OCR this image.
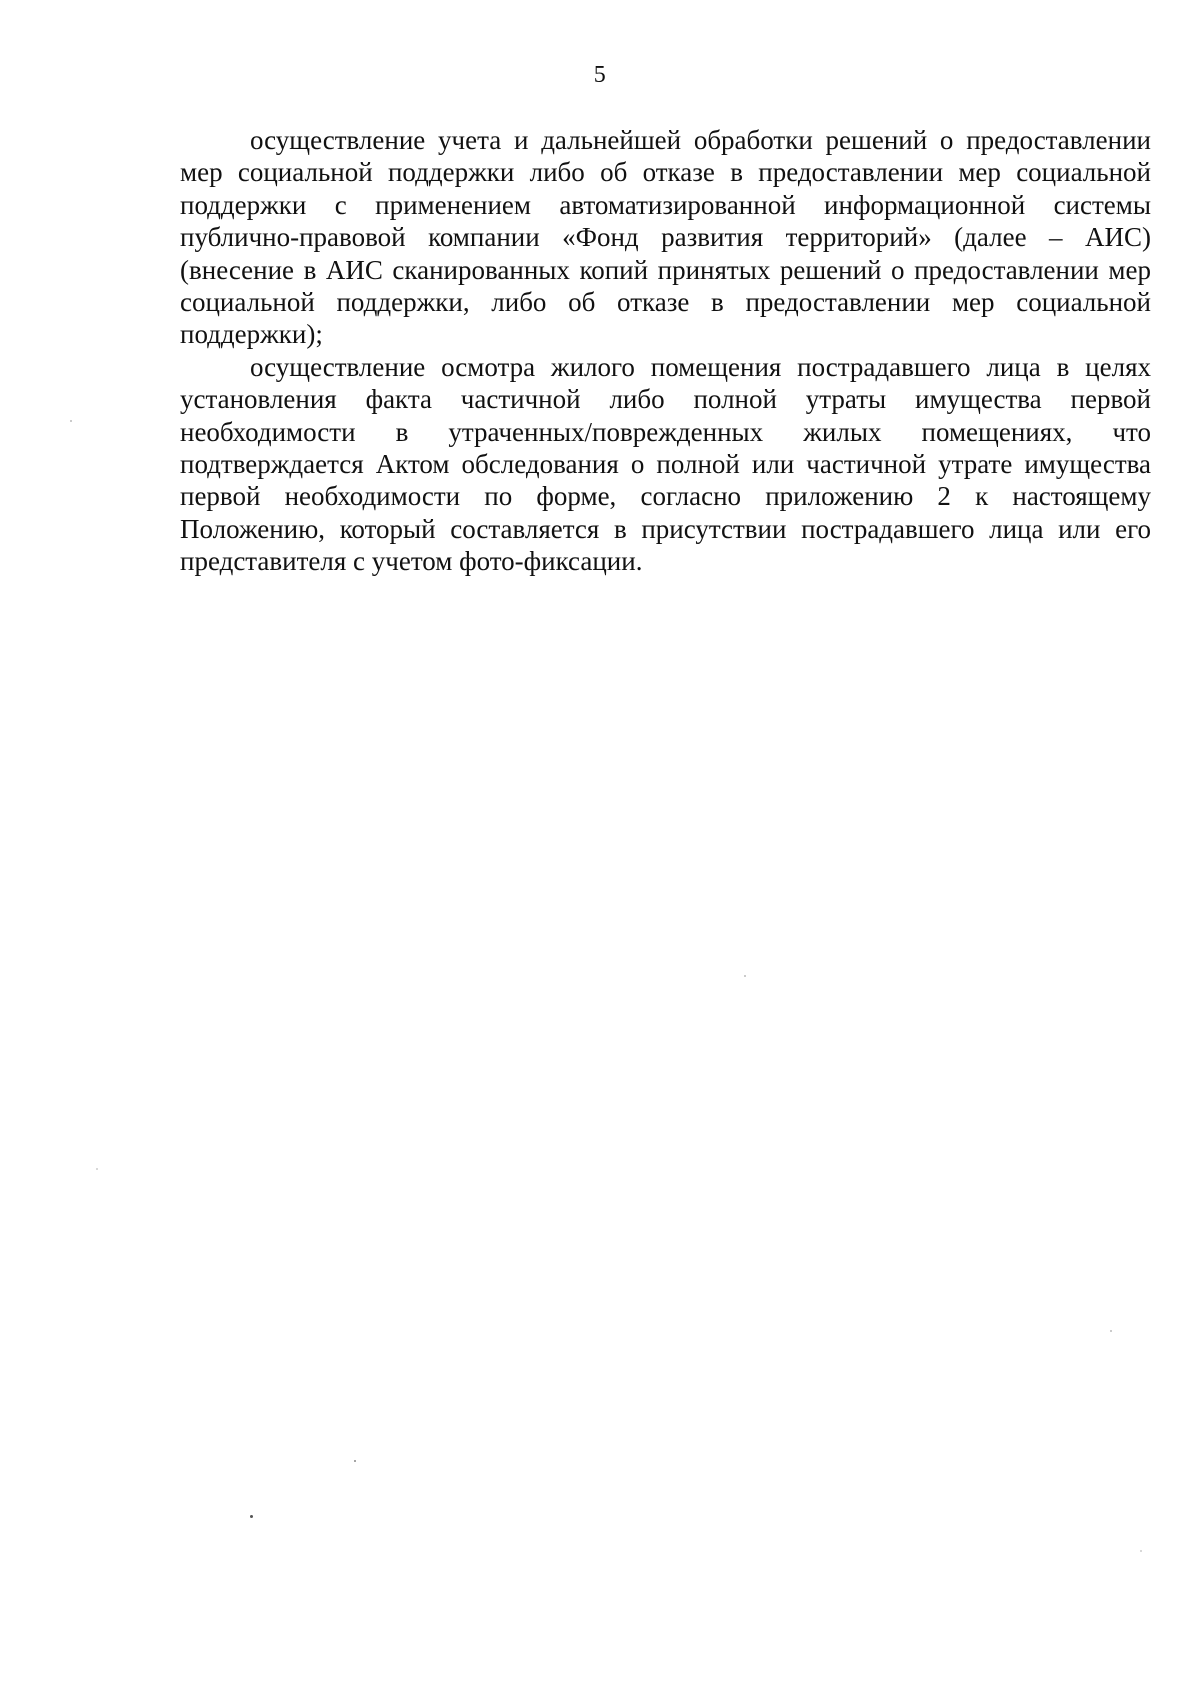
5

осуществление учета и дальнейшей обработки решений о предоставлении мер социальной поддержки либо об отказе в предоставлении мер социальной поддержки с применением автоматизированной информационной системы публично-правовой компании «Фонд развития территорий» (далее – АИС) (внесение в АИС сканированных копий принятых решений о предоставлении мер социальной поддержки, либо об отказе в предоставлении мер социальной поддержки);

осуществление осмотра жилого помещения пострадавшего лица в целях установления факта частичной либо полной утраты имущества первой необходимости в утраченных/поврежденных жилых помещениях, что подтверждается Актом обследования о полной или частичной утрате имущества первой необходимости по форме, согласно приложению 2 к настоящему Положению, который составляется в присутствии пострадавшего лица или его представителя с учетом фото-фиксации.
